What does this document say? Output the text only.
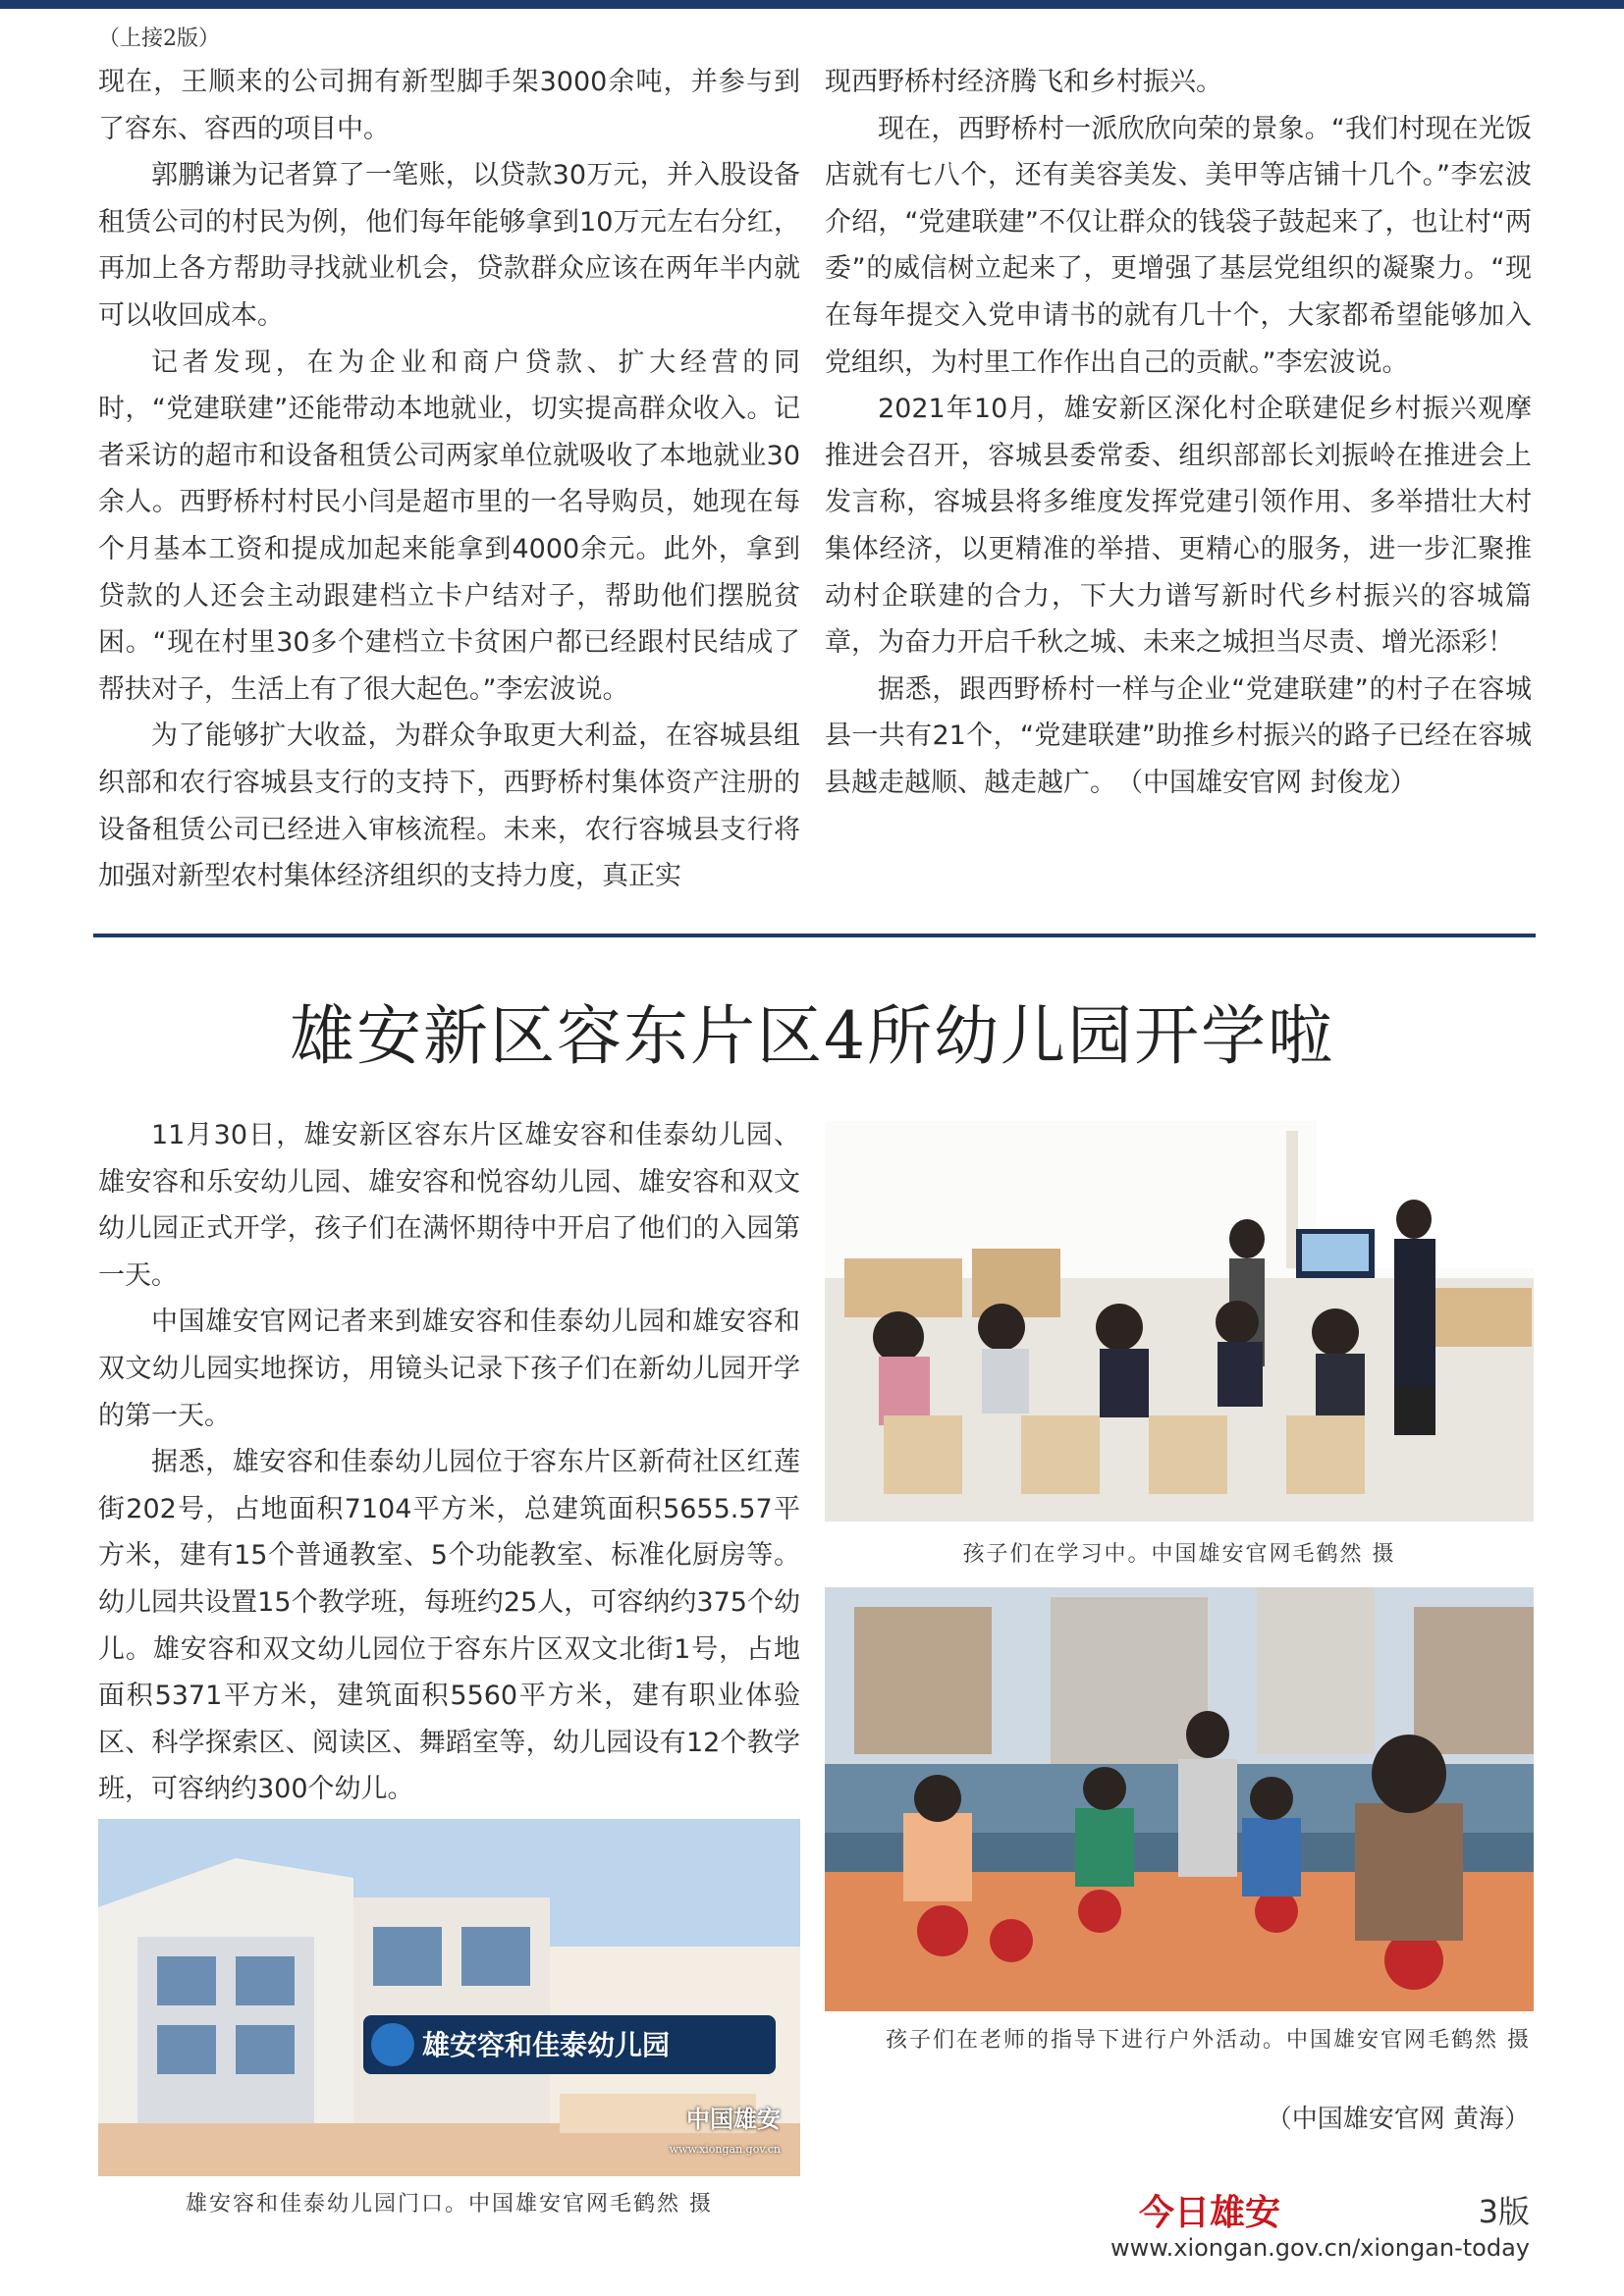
（上接2版）

现在，王顺来的公司拥有新型脚手架3000余吨，并参与到了容东、容西的项目中。

郭鹏谦为记者算了一笔账，以贷款30万元，并入股设备租赁公司的村民为例，他们每年能够拿到10万元左右分红，再加上各方帮助寻找就业机会，贷款群众应该在两年半内就可以收回成本。

记者发现，在为企业和商户贷款、扩大经营的同时，“党建联建”还能带动本地就业，切实提高群众收入。记者采访的超市和设备租赁公司两家单位就吸收了本地就业30余人。西野桥村村民小闫是超市里的一名导购员，她现在每个月基本工资和提成加起来能拿到4000余元。此外，拿到贷款的人还会主动跟建档立卡户结对子，帮助他们摆脱贫困。“现在村里30多个建档立卡贫困户都已经跟村民结成了帮扶对子，生活上有了很大起色。”李宏波说。

为了能够扩大收益，为群众争取更大利益，在容城县组织部和农行容城县支行的支持下，西野桥村集体资产注册的设备租赁公司已经进入审核流程。未来，农行容城县支行将加强对新型农村集体经济组织的支持力度，真正实

现西野桥村经济腾飞和乡村振兴。

现在，西野桥村一派欣欣向荣的景象。“我们村现在光饭店就有七八个，还有美容美发、美甲等店铺十几个。”李宏波介绍，“党建联建”不仅让群众的钱袋子鼓起来了，也让村“两委”的威信树立起来了，更增强了基层党组织的凝聚力。“现在每年提交入党申请书的就有几十个，大家都希望能够加入党组织，为村里工作作出自己的贡献。”李宏波说。

2021年10月，雄安新区深化村企联建促乡村振兴观摩推进会召开，容城县委常委、组织部部长刘振岭在推进会上发言称，容城县将多维度发挥党建引领作用、多举措壮大村集体经济，以更精准的举措、更精心的服务，进一步汇聚推动村企联建的合力，下大力谱写新时代乡村振兴的容城篇章，为奋力开启千秋之城、未来之城担当尽责、增光添彩！

据悉，跟西野桥村一样与企业“党建联建”的村子在容城县一共有21个，“党建联建”助推乡村振兴的路子已经在容城县越走越顺、越走越广。　（中国雄安官网 封俊龙）

雄安新区容东片区4所幼儿园开学啦

11月30日，雄安新区容东片区雄安容和佳泰幼儿园、雄安容和乐安幼儿园、雄安容和悦容幼儿园、雄安容和双文幼儿园正式开学，孩子们在满怀期待中开启了他们的入园第一天。

中国雄安官网记者来到雄安容和佳泰幼儿园和雄安容和双文幼儿园实地探访，用镜头记录下孩子们在新幼儿园开学的第一天。

据悉，雄安容和佳泰幼儿园位于容东片区新荷社区红莲街202号，占地面积7104平方米，总建筑面积5655.57平方米，建有15个普通教室、5个功能教室、标准化厨房等。幼儿园共设置15个教学班，每班约25人，可容纳约375个幼儿。雄安容和双文幼儿园位于容东片区双文北街1号，占地面积5371平方米，建筑面积5560平方米，建有职业体验区、科学探索区、阅读区、舞蹈室等，幼儿园设有12个教学班，可容纳约300个幼儿。

孩子们在学习中。中国雄安官网毛鹤然 摄
孩子们在老师的指导下进行户外活动。中国雄安官网毛鹤然 摄
（中国雄安官网 黄海）
雄安容和佳泰幼儿园
中国雄安
www.xiongan.gov.cn
雄安容和佳泰幼儿园门口。中国雄安官网毛鹤然 摄	今日雄安	3版
www.xiongan.gov.cn/xiongan-today
